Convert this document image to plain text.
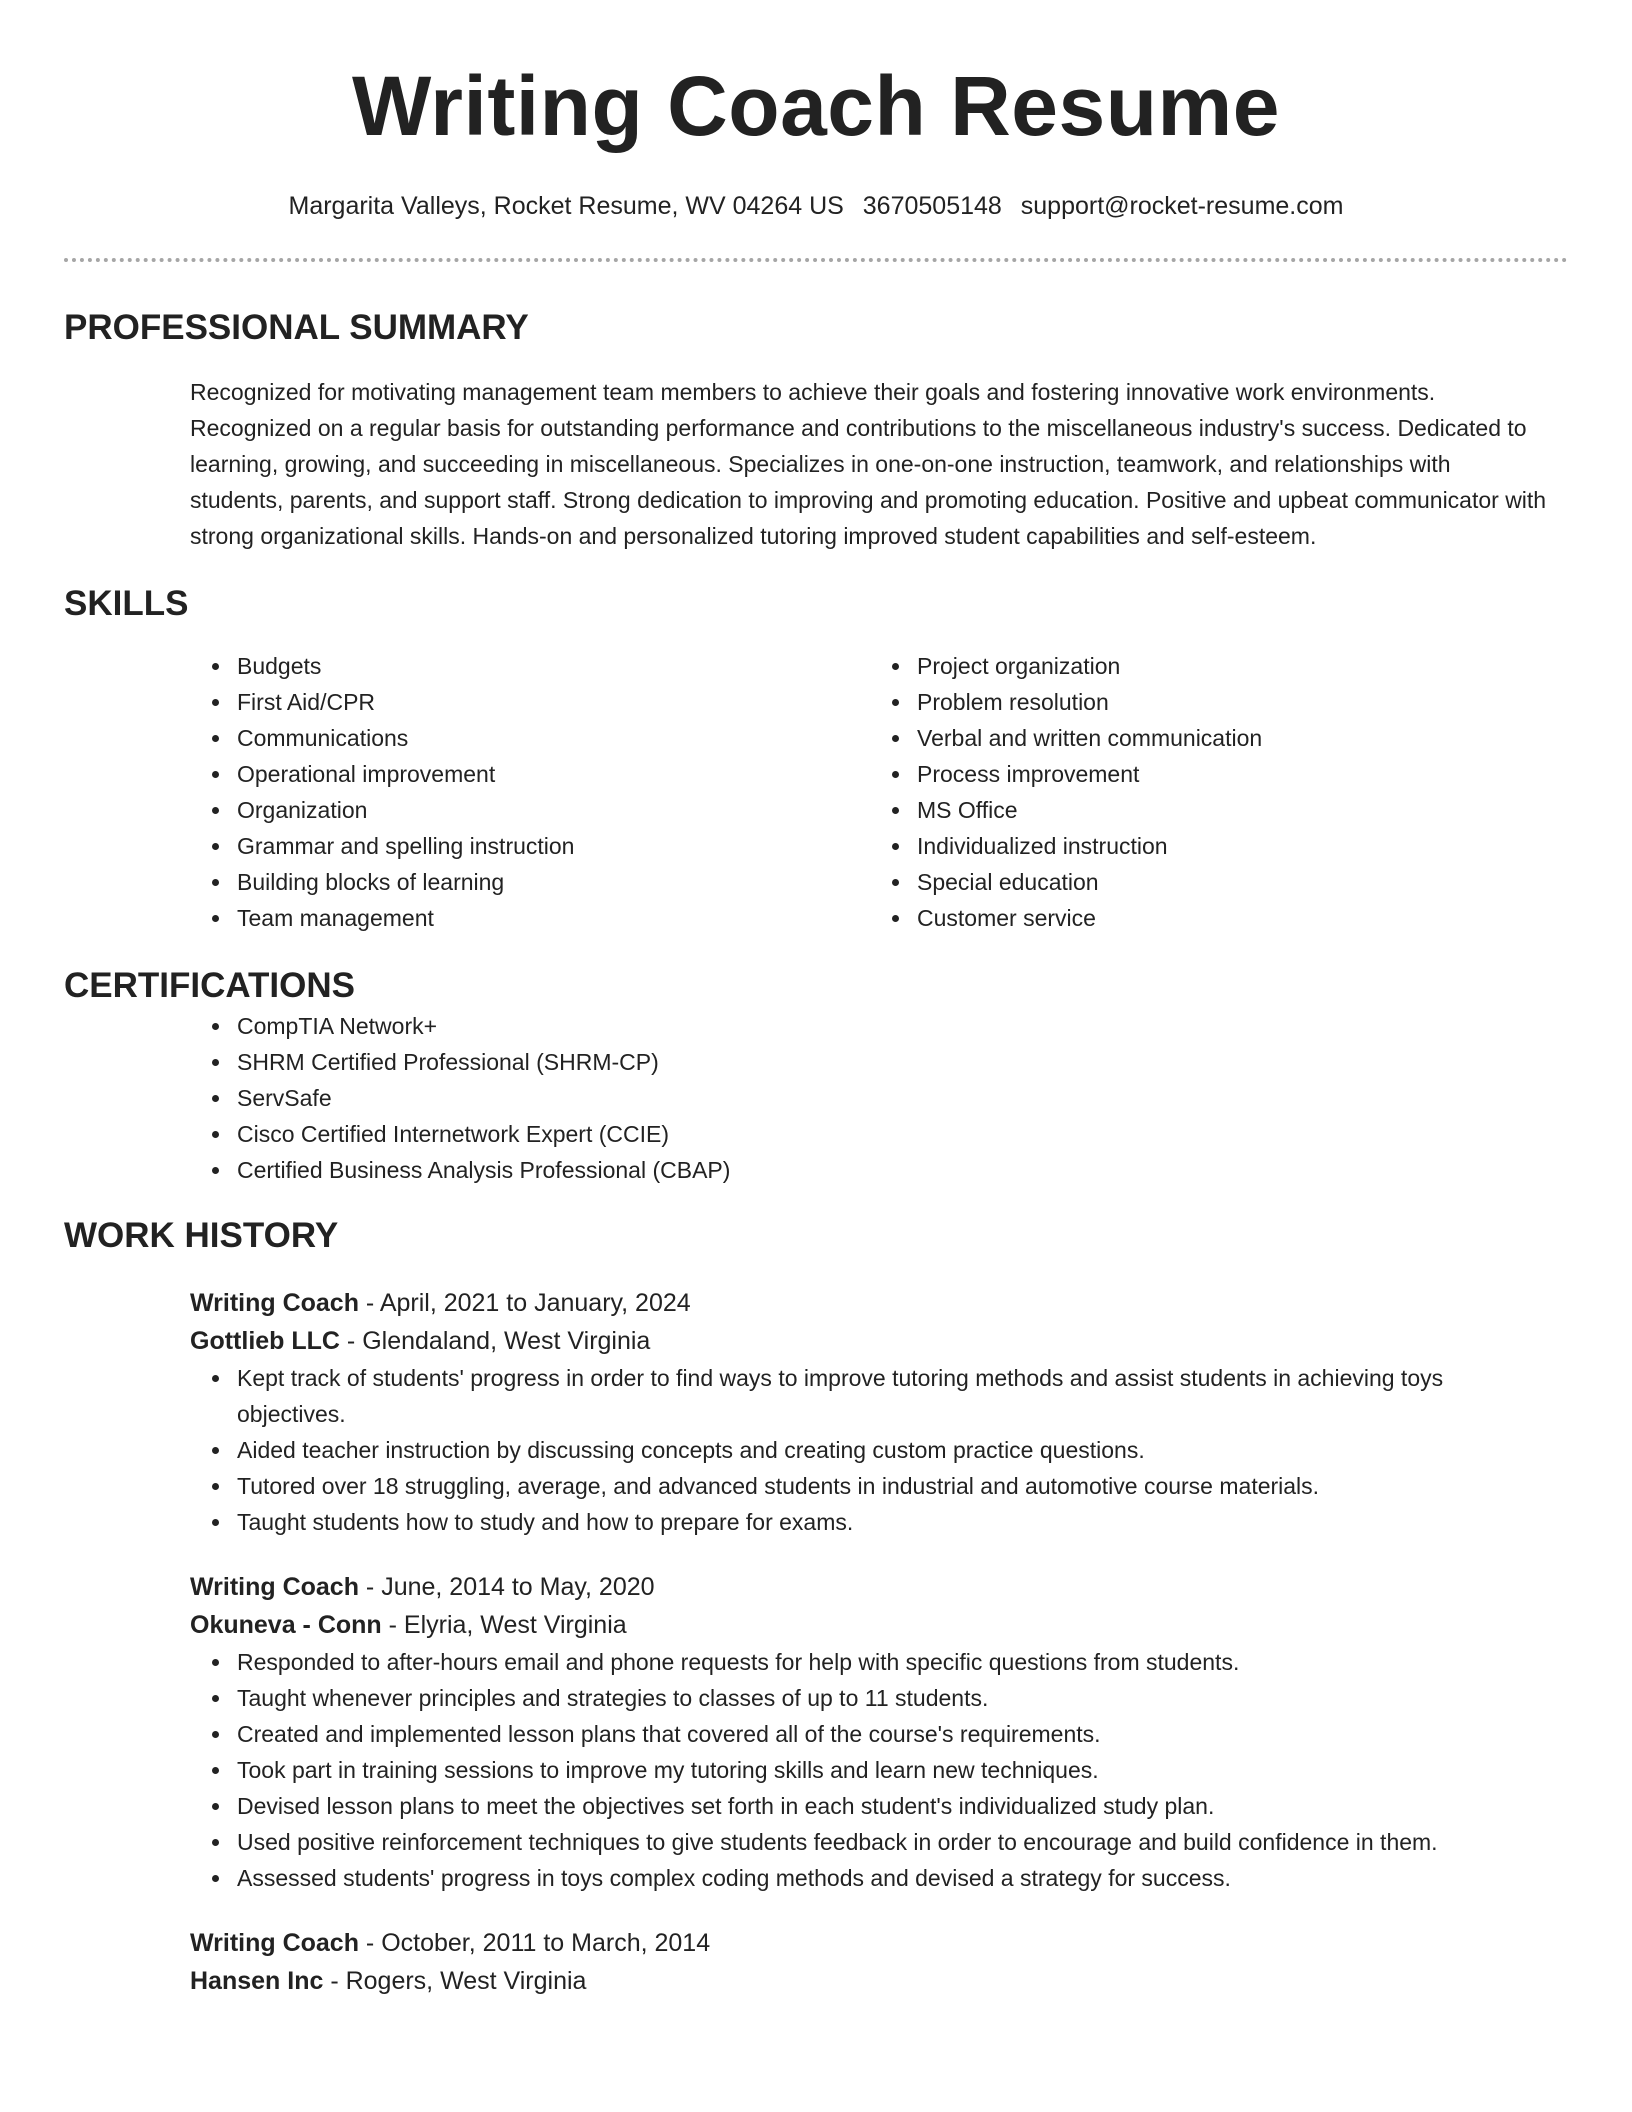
Writing Coach Resume
Margarita Valleys, Rocket Resume, WV 04264 US 3670505148 support@rocket-resume.com
PROFESSIONAL SUMMARY

Recognized for motivating management team members to achieve their goals and fostering innovative work environments. Recognized on a regular basis for outstanding performance and contributions to the miscellaneous industry's success. Dedicated to learning, growing, and succeeding in miscellaneous. Specializes in one-on-one instruction, teamwork, and relationships with students, parents, and support staff. Strong dedication to improving and promoting education. Positive and upbeat communicator with strong organizational skills. Hands-on and personalized tutoring improved student capabilities and self-esteem.

SKILLS
• Budgets
• First Aid/CPR
• Communications
• Operational improvement
• Organization
• Grammar and spelling instruction
• Building blocks of learning
• Team management
• Project organization
• Problem resolution
• Verbal and written communication
• Process improvement
• MS Office
• Individualized instruction
• Special education
• Customer service
CERTIFICATIONS
• CompTIA Network+
• SHRM Certified Professional (SHRM-CP)
• ServSafe
• Cisco Certified Internetwork Expert (CCIE)
• Certified Business Analysis Professional (CBAP)
WORK HISTORY
Writing Coach - April, 2021 to January, 2024
Gottlieb LLC - Glendaland, West Virginia
• Kept track of students' progress in order to find ways to improve tutoring methods and assist students in achieving toys objectives.
• Aided teacher instruction by discussing concepts and creating custom practice questions.
• Tutored over 18 struggling, average, and advanced students in industrial and automotive course materials.
• Taught students how to study and how to prepare for exams.
Writing Coach - June, 2014 to May, 2020
Okuneva - Conn - Elyria, West Virginia
• Responded to after-hours email and phone requests for help with specific questions from students.
• Taught whenever principles and strategies to classes of up to 11 students.
• Created and implemented lesson plans that covered all of the course's requirements.
• Took part in training sessions to improve my tutoring skills and learn new techniques.
• Devised lesson plans to meet the objectives set forth in each student's individualized study plan.
• Used positive reinforcement techniques to give students feedback in order to encourage and build confidence in them.
• Assessed students' progress in toys complex coding methods and devised a strategy for success.
Writing Coach - October, 2011 to March, 2014
Hansen Inc - Rogers, West Virginia
